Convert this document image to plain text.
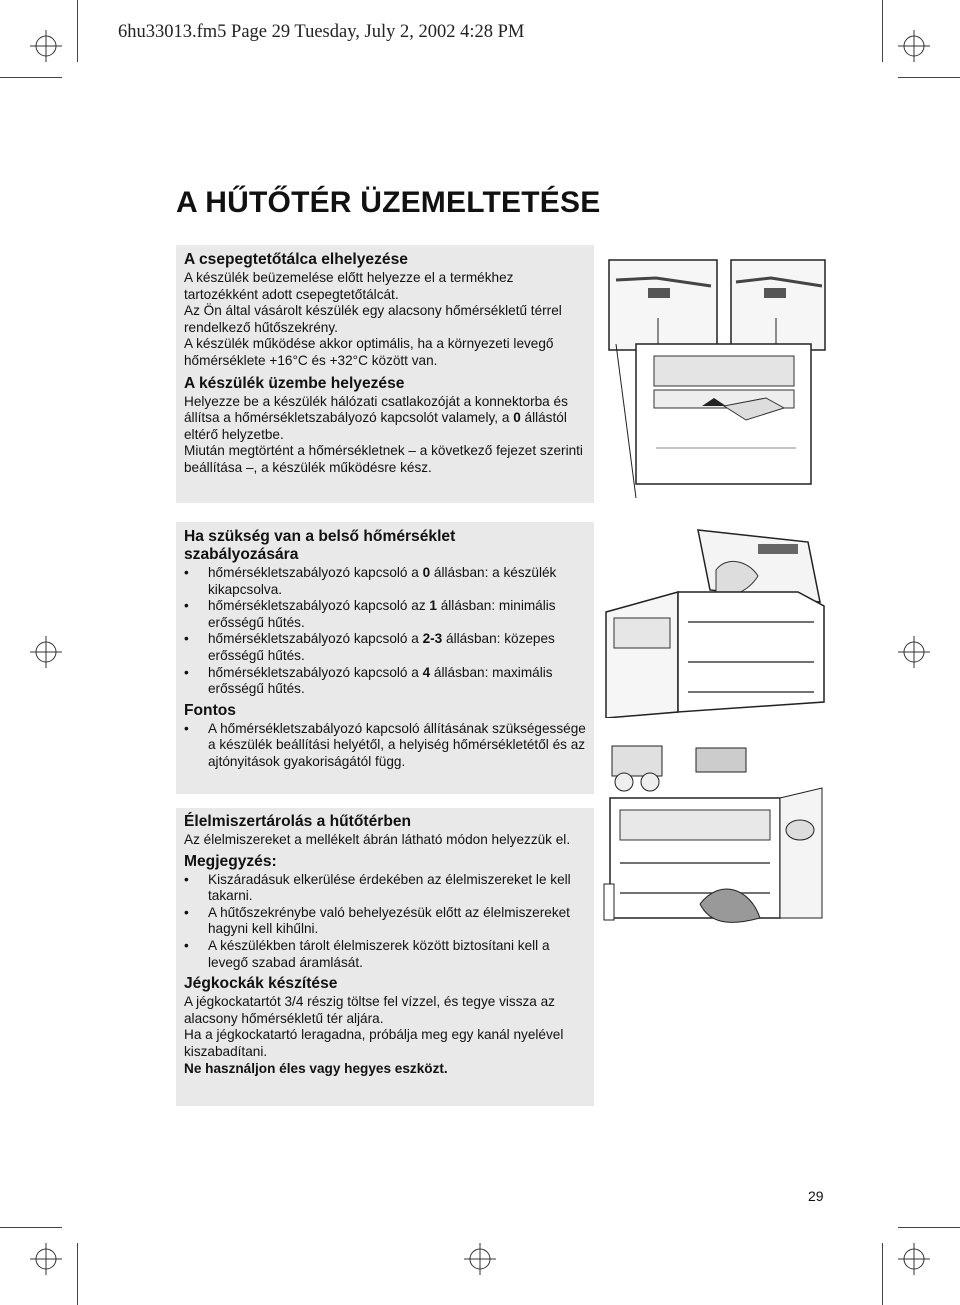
6hu33013.fm5 Page 29 Tuesday, July 2, 2002 4:28 PM
A HŰTŐTÉR ÜZEMELTETÉSE
A csepegtetőtálca elhelyezése

A készülék beüzemelése előtt helyezze el a termékhez tartozékként adott csepegtetőtálcát.

Az Ön által vásárolt készülék egy alacsony hőmérsékletű térrel rendelkező hűtőszekrény.

A készülék működése akkor optimális, ha a környezeti levegő hőmérséklete +16°C és +32°C között van.

A készülék üzembe helyezése

Helyezze be a készülék hálózati csatlakozóját a konnektorba és állítsa a hőmérsékletszabályozó kapcsolót valamely, a 0 állástól eltérő helyzetbe.

Miután megtörtént a hőmérsékletnek – a következő fejezet szerinti beállítása –, a készülék működésre kész.

Ha szükség van a belső hőmérséklet szabályozására
• hőmérsékletszabályozó kapcsoló a 0 állásban: a készülék kikapcsolva.
• hőmérsékletszabályozó kapcsoló az 1 állásban: minimális erősségű hűtés.
• hőmérsékletszabályozó kapcsoló a 2-3 állásban: közepes erősségű hűtés.
• hőmérsékletszabályozó kapcsoló a 4 állásban: maximális erősségű hűtés.
Fontos
• A hőmérsékletszabályozó kapcsoló állításának szükségessége a készülék beállítási helyétől, a helyiség hőmérsékletétől és az ajtónyitások gyakoriságától függ.
Élelmiszertárolás a hűtőtérben

Az élelmiszereket a mellékelt ábrán látható módon helyezzük el.

Megjegyzés:
• Kiszáradásuk elkerülése érdekében az élelmiszereket le kell takarni.
• A hűtőszekrénybe való behelyezésük előtt az élelmiszereket hagyni kell kihűlni.
• A készülékben tárolt élelmiszerek között biztosítani kell a levegő szabad áramlását.
Jégkockák készítése

A jégkockatartót 3/4 részig töltse fel vízzel, és tegye vissza az alacsony hőmérsékletű tér aljára.

Ha a jégkockatartó leragadna, próbálja meg egy kanál nyelével kiszabadítani.

Ne használjon éles vagy hegyes eszközt.

29
